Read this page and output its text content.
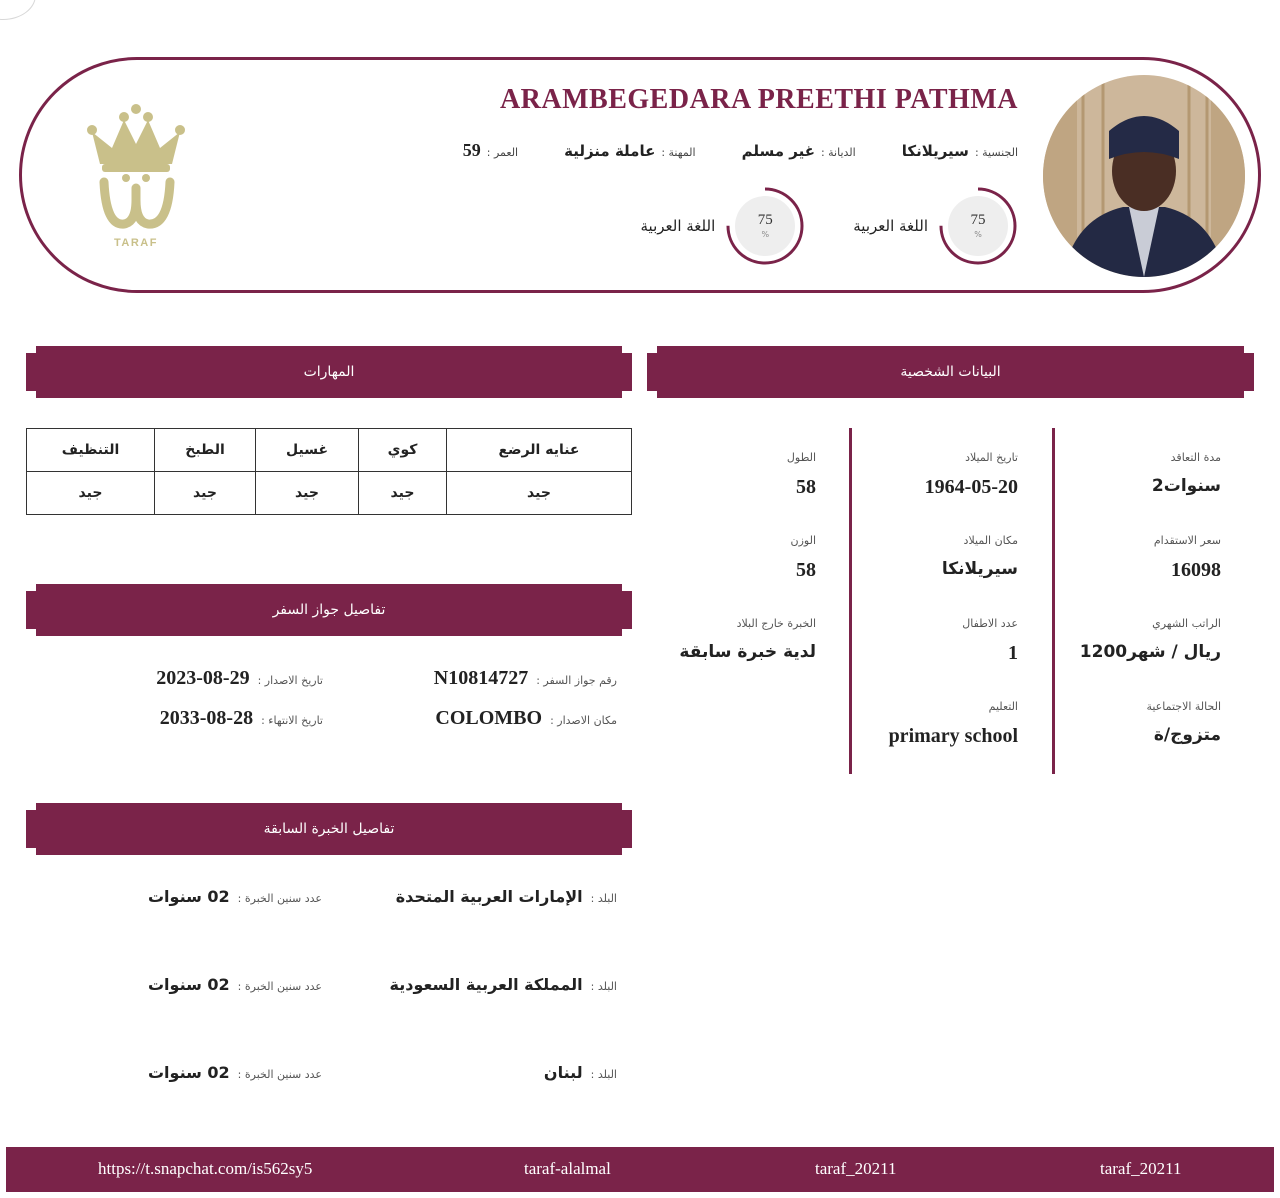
TARAF
ARAMBEGEDARA PREETHI PATHMA
الجنسية :
سيريلانكا
الديانة :
غير مسلم
المهنة :
عاملة منزلية
العمر :
59
75
%
اللغة العربية
75
%
اللغة العربية
المهارات
عنايه الرضع	كوي	غسيل	الطبخ	التنظيف
جيد	جيد	جيد	جيد	جيد
البيانات الشخصية
مدة التعاقد
2سنوات
سعر الاستقدام
16098
الراتب الشهري
1200ريال / شهر
الحالة الاجتماعية
متزوج/ة
تاريخ الميلاد
1964-05-20
مكان الميلاد
سيريلانكا
عدد الاطفال
1
التعليم
primary school
الطول
58
الوزن
58
الخبرة خارج البلاد
لدية خبرة سابقة
تفاصيل جواز السفر
رقم جواز السفر :
N10814727
تاريخ الاصدار :
2023-08-29
مكان الاصدار :
COLOMBO
تاريخ الانتهاء :
2033-08-28
تفاصيل الخبرة السابقة
البلد :
الإمارات العربية المتحدة
عدد سنين الخبرة :
02 سنوات
البلد :
المملكة العربية السعودية
عدد سنين الخبرة :
02 سنوات
البلد :
لبنان
عدد سنين الخبرة :
02 سنوات
https://t.snapchat.com/is562sy5	taraf-alalmal	taraf_20211	taraf_20211
